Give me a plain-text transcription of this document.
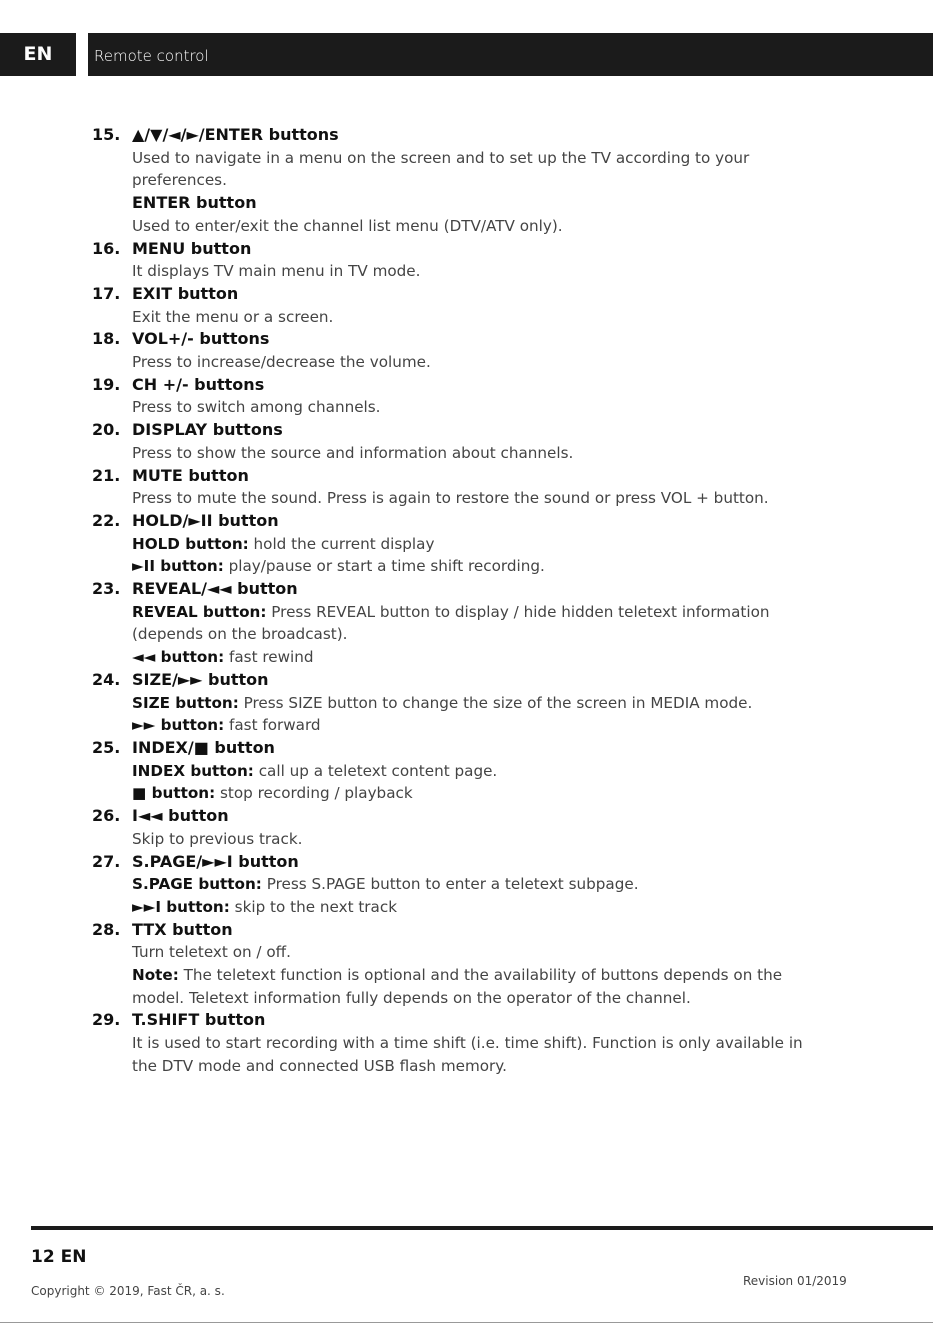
EN	Remote control
15. ▲/▼/◄/►/ENTER buttons
Used to navigate in a menu on the screen and to set up the TV according to your
preferences.
ENTER button
Used to enter/exit the channel list menu (DTV/ATV only).
16. MENU button
It displays TV main menu in TV mode.
17. EXIT button
Exit the menu or a screen.
18. VOL+/- buttons
Press to increase/decrease the volume.
19. CH +/- buttons
Press to switch among channels.
20. DISPLAY buttons
Press to show the source and information about channels.
21. MUTE button
Press to mute the sound. Press is again to restore the sound or press VOL + button.
22. HOLD/►II button
HOLD button: hold the current display
►II button: play/pause or start a time shift recording.
23. REVEAL/◄◄ button
REVEAL button: Press REVEAL button to display / hide hidden teletext information
(depends on the broadcast).
◄◄ button: fast rewind
24. SIZE/►► button
SIZE button: Press SIZE button to change the size of the screen in MEDIA mode.
►► button: fast forward
25. INDEX/■ button
INDEX button: call up a teletext content page.
■ button: stop recording / playback
26. I◄◄ button
Skip to previous track.
27. S.PAGE/►►I button
S.PAGE button: Press S.PAGE button to enter a teletext subpage.
►►I button: skip to the next track
28. TTX button
Turn teletext on / off.
Note: The teletext function is optional and the availability of buttons depends on the
model. Teletext information fully depends on the operator of the channel.
29. T.SHIFT button
It is used to start recording with a time shift (i.e. time shift). Function is only available in
the DTV mode and connected USB flash memory.
12 EN
Copyright © 2019, Fast ČR, a. s.
Revision 01/2019
